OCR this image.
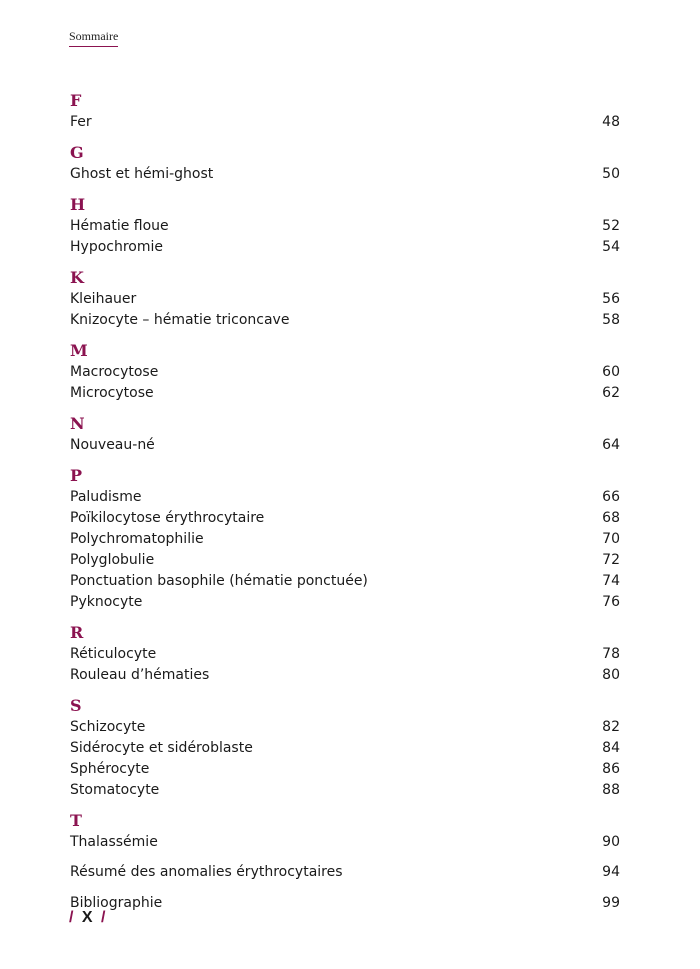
Sommaire
F
Fer	48
G
Ghost et hémi-ghost	50
H
Hématie floue	52
Hypochromie	54
K
Kleihauer	56
Knizocyte – hématie triconcave	58
M
Macrocytose	60
Microcytose	62
N
Nouveau-né	64
P
Paludisme	66
Poïkilocytose érythrocytaire	68
Polychromatophilie	70
Polyglobulie	72
Ponctuation basophile (hématie ponctuée)	74
Pyknocyte	76
R
Réticulocyte	78
Rouleau d’hématies	80
S
Schizocyte	82
Sidérocyte et sidéroblaste	84
Sphérocyte	86
Stomatocyte	88
T
Thalassémie	90
Résumé des anomalies érythrocytaires	94
Bibliographie	99
/ X /
